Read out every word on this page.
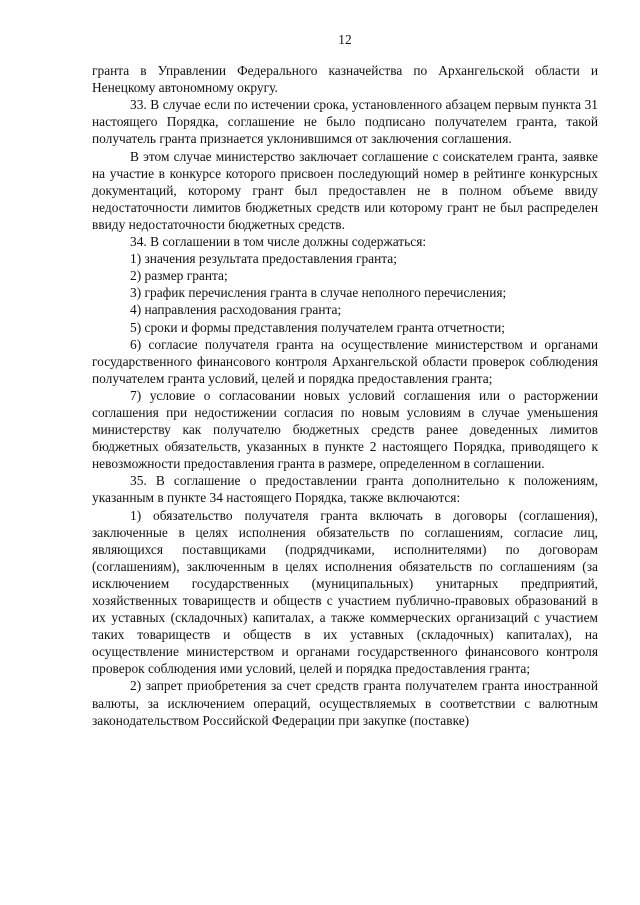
12

гранта в Управлении Федерального казначейства по Архангельской области и Ненецкому автономному округу.

33. В случае если по истечении срока, установленного абзацем первым пункта 31 настоящего Порядка, соглашение не было подписано получателем гранта, такой получатель гранта признается уклонившимся от заключения соглашения.

В этом случае министерство заключает соглашение с соискателем гранта, заявке на участие в конкурсе которого присвоен последующий номер в рейтинге конкурсных документаций, которому грант был предоставлен не в полном объеме ввиду недостаточности лимитов бюджетных средств или которому грант не был распределен ввиду недостаточности бюджетных средств.

34. В соглашении в том числе должны содержаться:

1) значения результата предоставления гранта;

2) размер гранта;

3) график перечисления гранта в случае неполного перечисления;

4) направления расходования гранта;

5) сроки и формы представления получателем гранта отчетности;

6) согласие получателя гранта на осуществление министерством и органами государственного финансового контроля Архангельской области проверок соблюдения получателем гранта условий, целей и порядка предоставления гранта;

7) условие о согласовании новых условий соглашения или о расторжении соглашения при недостижении согласия по новым условиям в случае уменьшения министерству как получателю бюджетных средств ранее доведенных лимитов бюджетных обязательств, указанных в пункте 2 настоящего Порядка, приводящего к невозможности предоставления гранта в размере, определенном в соглашении.

35. В соглашение о предоставлении гранта дополнительно к положениям, указанным в пункте 34 настоящего Порядка, также включаются:

1) обязательство получателя гранта включать в договоры (соглашения), заключенные в целях исполнения обязательств по соглашениям, согласие лиц, являющихся поставщиками (подрядчиками, исполнителями) по договорам (соглашениям), заключенным в целях исполнения обязательств по соглашениям (за исключением государственных (муниципальных) унитарных предприятий, хозяйственных товариществ и обществ с участием публично-правовых образований в их уставных (складочных) капиталах, а также коммерческих организаций с участием таких товариществ и обществ в их уставных (складочных) капиталах), на осуществление министерством и органами государственного финансового контроля проверок соблюдения ими условий, целей и порядка предоставления гранта;

2) запрет приобретения за счет средств гранта получателем гранта иностранной валюты, за исключением операций, осуществляемых в соответствии с валютным законодательством Российской Федерации при закупке (поставке)
